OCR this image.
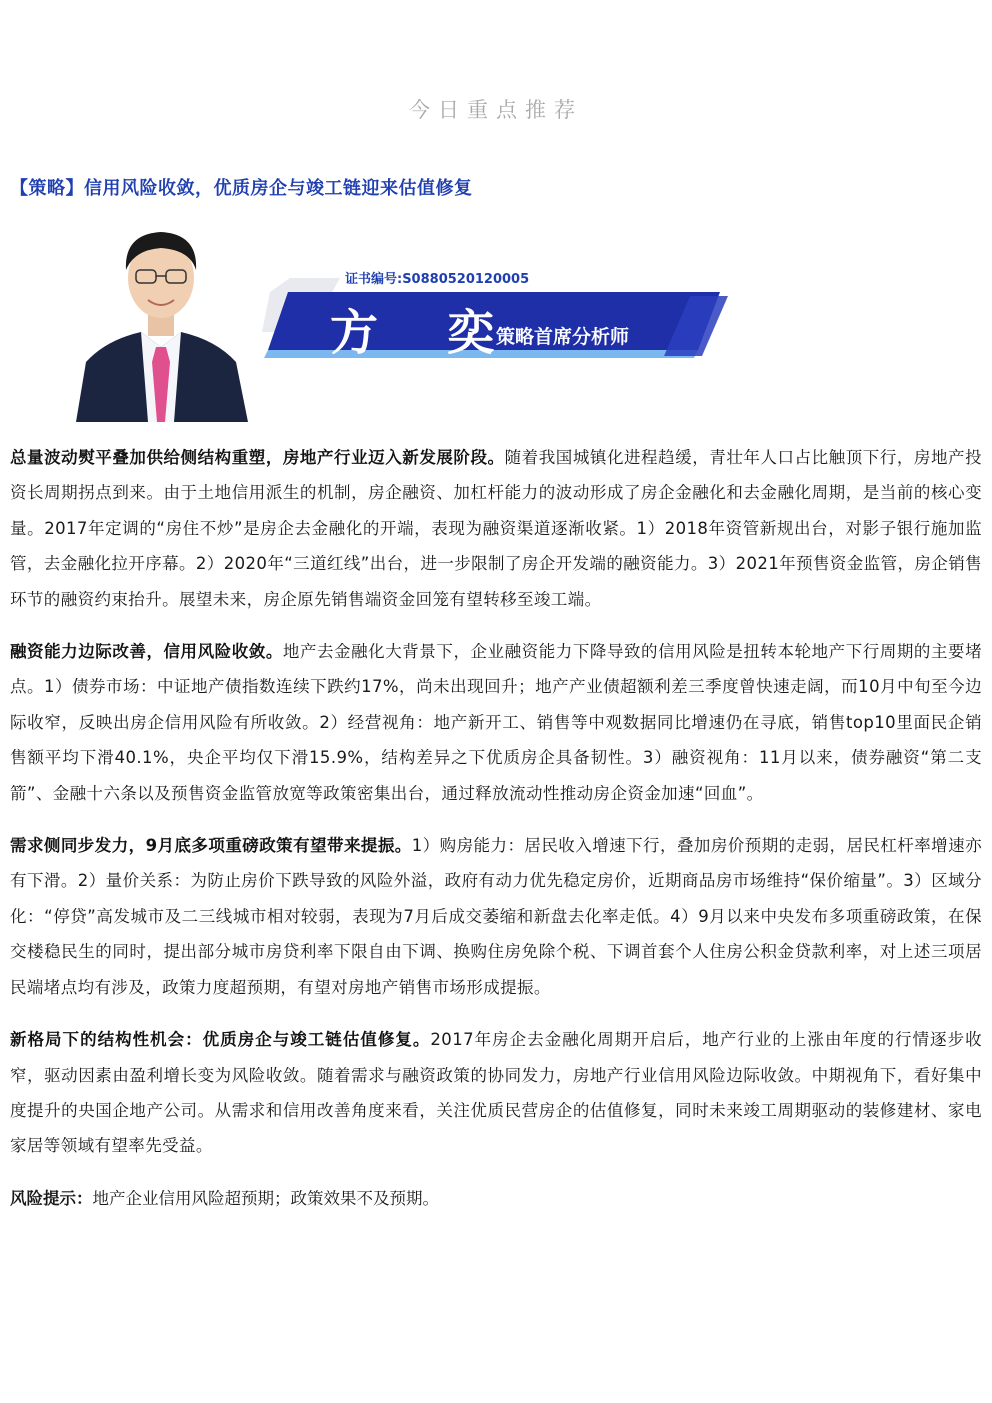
今日重点推荐
【策略】信用风险收敛，优质房企与竣工链迎来估值修复
证书编号:S0880520120005
方 奕
策略首席分析师

总量波动熨平叠加供给侧结构重塑，房地产行业迈入新发展阶段。随着我国城镇化进程趋缓，青壮年人口占比触顶下行，房地产投资长周期拐点到来。由于土地信用派生的机制，房企融资、加杠杆能力的波动形成了房企金融化和去金融化周期，是当前的核心变量。2017年定调的“房住不炒”是房企去金融化的开端，表现为融资渠道逐渐收紧。1）2018年资管新规出台，对影子银行施加监管，去金融化拉开序幕。2）2020年“三道红线”出台，进一步限制了房企开发端的融资能力。3）2021年预售资金监管，房企销售环节的融资约束抬升。展望未来，房企原先销售端资金回笼有望转移至竣工端。

融资能力边际改善，信用风险收敛。地产去金融化大背景下，企业融资能力下降导致的信用风险是扭转本轮地产下行周期的主要堵点。1）债券市场：中证地产债指数连续下跌约17%，尚未出现回升；地产产业债超额利差三季度曾快速走阔，而10月中旬至今边际收窄，反映出房企信用风险有所收敛。2）经营视角：地产新开工、销售等中观数据同比增速仍在寻底，销售top10里面民企销售额平均下滑40.1%，央企平均仅下滑15.9%，结构差异之下优质房企具备韧性。3）融资视角：11月以来，债券融资“第二支箭”、金融十六条以及预售资金监管放宽等政策密集出台，通过释放流动性推动房企资金加速“回血”。

需求侧同步发力，9月底多项重磅政策有望带来提振。1）购房能力：居民收入增速下行，叠加房价预期的走弱，居民杠杆率增速亦有下滑。2）量价关系：为防止房价下跌导致的风险外溢，政府有动力优先稳定房价，近期商品房市场维持“保价缩量”。3）区域分化：“停贷”高发城市及二三线城市相对较弱，表现为7月后成交萎缩和新盘去化率走低。4）9月以来中央发布多项重磅政策，在保交楼稳民生的同时，提出部分城市房贷利率下限自由下调、换购住房免除个税、下调首套个人住房公积金贷款利率，对上述三项居民端堵点均有涉及，政策力度超预期，有望对房地产销售市场形成提振。

新格局下的结构性机会：优质房企与竣工链估值修复。2017年房企去金融化周期开启后，地产行业的上涨由年度的行情逐步收窄，驱动因素由盈利增长变为风险收敛。随着需求与融资政策的协同发力，房地产行业信用风险边际收敛。中期视角下，看好集中度提升的央国企地产公司。从需求和信用改善角度来看，关注优质民营房企的估值修复，同时未来竣工周期驱动的装修建材、家电家居等领域有望率先受益。

风险提示：地产企业信用风险超预期；政策效果不及预期。
